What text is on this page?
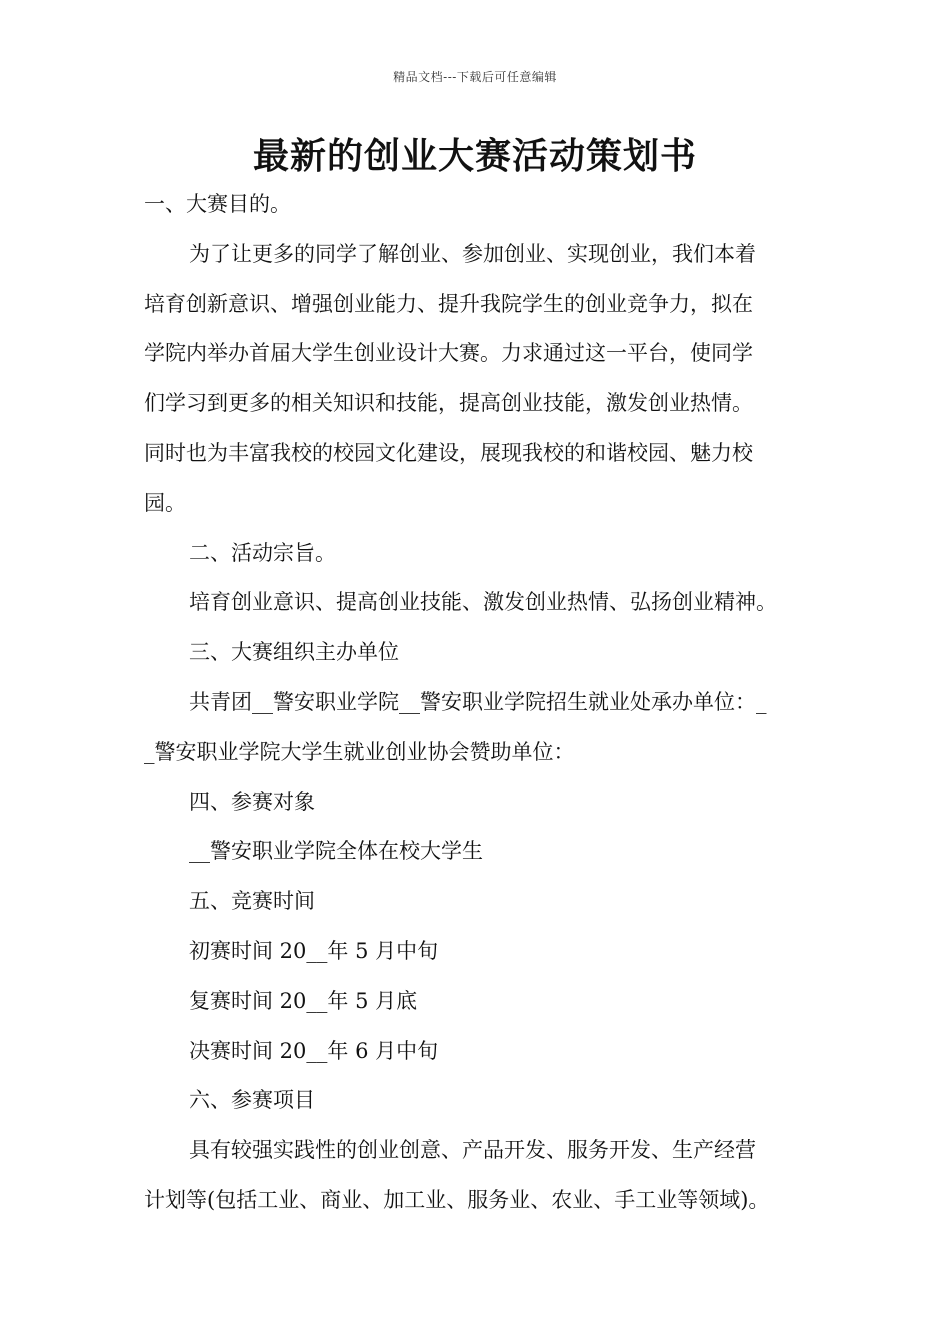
精品文档---下载后可任意编辑
最新的创业大赛活动策划书
一、大赛目的。
为了让更多的同学了解创业、参加创业、实现创业，我们本着
培育创新意识、增强创业能力、提升我院学生的创业竞争力，拟在
学院内举办首届大学生创业设计大赛。力求通过这一平台，使同学
们学习到更多的相关知识和技能，提高创业技能，激发创业热情。
同时也为丰富我校的校园文化建设，展现我校的和谐校园、魅力校
园。
二、活动宗旨。
培育创业意识、提高创业技能、激发创业热情、弘扬创业精神。
三、大赛组织主办单位
共青团__警安职业学院__警安职业学院招生就业处承办单位：_
_警安职业学院大学生就业创业协会赞助单位：
四、参赛对象
__警安职业学院全体在校大学生
五、竞赛时间
初赛时间 20__年 5 月中旬
复赛时间 20__年 5 月底
决赛时间 20__年 6 月中旬
六、参赛项目
具有较强实践性的创业创意、产品开发、服务开发、生产经营
计划等(包括工业、商业、加工业、服务业、农业、手工业等领域)。
